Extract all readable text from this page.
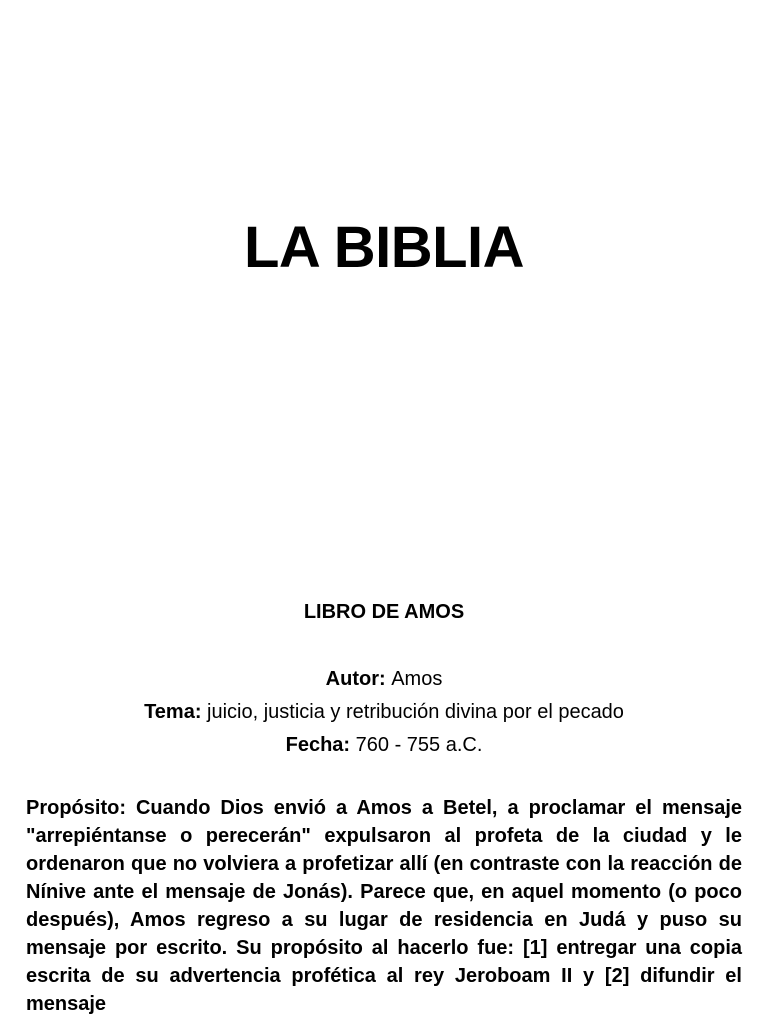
LA BIBLIA
LIBRO DE AMOS
Autor: Amos
Tema: juicio, justicia y retribución divina por el pecado
Fecha: 760 - 755 a.C.

Propósito: Cuando Dios envió a Amos a Betel, a proclamar el mensaje "arrepiéntanse o perecerán" expulsaron al profeta de la ciudad y le ordenaron que no volviera a profetizar allí (en contraste con la reacción de Nínive ante el mensaje de Jonás). Parece que, en aquel momento (o poco después), Amos regreso a su lugar de residencia en Judá y puso su mensaje por escrito. Su propósito al hacerlo fue: [1] entregar una copia escrita de su advertencia profética al rey Jeroboam II y [2] difundir el mensaje
